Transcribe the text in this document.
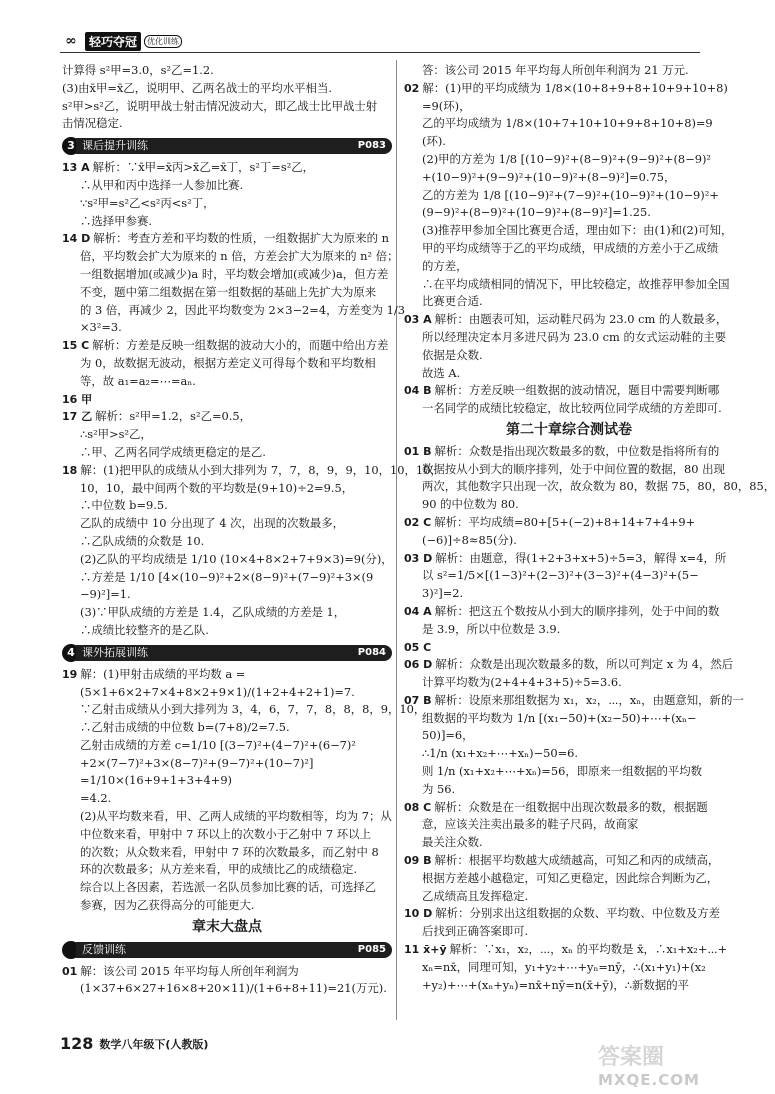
∞	轻巧夺冠	优化训练
计算得 s²甲=3.0，s²乙=1.2.
(3)由x̄甲=x̄乙，说明甲、乙两名战士的平均水平相当.
s²甲>s²乙，说明甲战士射击情况波动大，即乙战士比甲战士射
击情况稳定.
3 课后提升训练	P083
13 A 解析：∵x̄甲=x̄丙>x̄乙=x̄丁，s²丁=s²乙，
∴从甲和丙中选择一人参加比赛.
∵s²甲=s²乙<s²丙<s²丁，
∴选择甲参赛.
14 D 解析：考查方差和平均数的性质，一组数据扩大为原来的 n
倍，平均数会扩大为原来的 n 倍，方差会扩大为原来的 n² 倍；
一组数据增加(或减少)a 时，平均数会增加(或减少)a，但方差
不变，题中第二组数据在第一组数据的基础上先扩大为原来
的 3 倍，再减少 2，因此平均数变为 2×3−2=4，方差变为 1/3
×3²=3.
15 C 解析：方差是反映一组数据的波动大小的，而题中给出方差
为 0，故数据无波动，根据方差定义可得每个数和平均数相
等，故 a₁=a₂=⋯=aₙ.
16 甲
17 乙 解析：s²甲=1.2，s²乙=0.5，
∴s²甲>s²乙，
∴甲、乙两名同学成绩更稳定的是乙.
18 解：(1)把甲队的成绩从小到大排列为 7，7，8，9，9，10，10，10，
10，10，最中间两个数的平均数是(9+10)÷2=9.5，
∴中位数 b=9.5.
乙队的成绩中 10 分出现了 4 次，出现的次数最多，
∴乙队成绩的众数是 10.
(2)乙队的平均成绩是 1/10 (10×4+8×2+7+9×3)=9(分)，
∴方差是 1/10 [4×(10−9)²+2×(8−9)²+(7−9)²+3×(9
−9)²]=1.
(3)∵甲队成绩的方差是 1.4，乙队成绩的方差是 1，
∴成绩比较整齐的是乙队.
4 课外拓展训练	P084
19 解：(1)甲射击成绩的平均数 a =
(5×1+6×2+7×4+8×2+9×1)/(1+2+4+2+1)=7.
∵乙射击成绩从小到大排列为 3，4，6，7，7，8，8，8，9，10，
∴乙射击成绩的中位数 b=(7+8)/2=7.5.
乙射击成绩的方差 c=1/10 [(3−7)²+(4−7)²+(6−7)²
+2×(7−7)²+3×(8−7)²+(9−7)²+(10−7)²]
=1/10×(16+9+1+3+4+9)
=4.2.
(2)从平均数来看，甲、乙两人成绩的平均数相等，均为 7；从
中位数来看，甲射中 7 环以上的次数小于乙射中 7 环以上
的次数；从众数来看，甲射中 7 环的次数最多，而乙射中 8
环的次数最多；从方差来看，甲的成绩比乙的成绩稳定.
综合以上各因素，若选派一名队员参加比赛的话，可选择乙
参赛，因为乙获得高分的可能更大.
章末大盘点
反馈训练	P085
01 解：该公司 2015 年平均每人所创年利润为
(1×37+6×27+16×8+20×11)/(1+6+8+11)=21(万元).
答：该公司 2015 年平均每人所创年利润为 21 万元.
02 解：(1)甲的平均成绩为 1/8×(10+8+9+8+10+9+10+8)
=9(环)，
乙的平均成绩为 1/8×(10+7+10+10+9+8+10+8)=9
(环).
(2)甲的方差为 1/8 [(10−9)²+(8−9)²+(9−9)²+(8−9)²
+(10−9)²+(9−9)²+(10−9)²+(8−9)²]=0.75，
乙的方差为 1/8 [(10−9)²+(7−9)²+(10−9)²+(10−9)²+
(9−9)²+(8−9)²+(10−9)²+(8−9)²]=1.25.
(3)推荐甲参加全国比赛更合适，理由如下：由(1)和(2)可知，
甲的平均成绩等于乙的平均成绩，甲成绩的方差小于乙成绩
的方差，
∴在平均成绩相同的情况下，甲比较稳定，故推荐甲参加全国
比赛更合适.
03 A 解析：由题表可知，运动鞋尺码为 23.0 cm 的人数最多，
所以经理决定本月多进尺码为 23.0 cm 的女式运动鞋的主要
依据是众数.
故选 A.
04 B 解析：方差反映一组数据的波动情况，题目中需要判断哪
一名同学的成绩比较稳定，故比较两位同学成绩的方差即可.
第二十章综合测试卷
01 B 解析：众数是指出现次数最多的数，中位数是指将所有的
数据按从小到大的顺序排列，处于中间位置的数据，80 出现
两次，其他数字只出现一次，故众数为 80，数据 75，80，80，85，
90 的中位数为 80.
02 C 解析：平均成绩=80+[5+(−2)+8+14+7+4+9+
(−6)]÷8≈85(分).
03 D 解析：由题意，得(1+2+3+x+5)÷5=3，解得 x=4，所
以 s²=1/5×[(1−3)²+(2−3)²+(3−3)²+(4−3)²+(5−
3)²]=2.
04 A 解析：把这五个数按从小到大的顺序排列，处于中间的数
是 3.9，所以中位数是 3.9.
05 C
06 D 解析：众数是出现次数最多的数，所以可判定 x 为 4，然后
计算平均数为(2+4+4+3+5)÷5=3.6.
07 B 解析：设原来那组数据为 x₁，x₂，⋯，xₙ，由题意知，新的一
组数据的平均数为 1/n [(x₁−50)+(x₂−50)+⋯+(xₙ−
50)]=6，
∴1/n (x₁+x₂+⋯+xₙ)−50=6.
则 1/n (x₁+x₂+⋯+xₙ)=56，即原来一组数据的平均数
为 56.
08 C 解析：众数是在一组数据中出现次数最多的数，根据题
意，应该关注卖出最多的鞋子尺码，故商家
最关注众数.
09 B 解析：根据平均数越大成绩越高，可知乙和丙的成绩高，
根据方差越小越稳定，可知乙更稳定，因此综合判断为乙，
乙成绩高且发挥稳定.
10 D 解析：分别求出这组数据的众数、平均数、中位数及方差
后找到正确答案即可.
11 x̄+ȳ 解析：∵x₁，x₂，⋯，xₙ 的平均数是 x̄，∴x₁+x₂+⋯+
xₙ=nx̄，同理可知，y₁+y₂+⋯+yₙ=nȳ，∴(x₁+y₁)+(x₂
+y₂)+⋯+(xₙ+yₙ)=nx̄+nȳ=n(x̄+ȳ)，∴新数据的平
128 数学八年级下(人教版)
答案圈
MXQE.COM
